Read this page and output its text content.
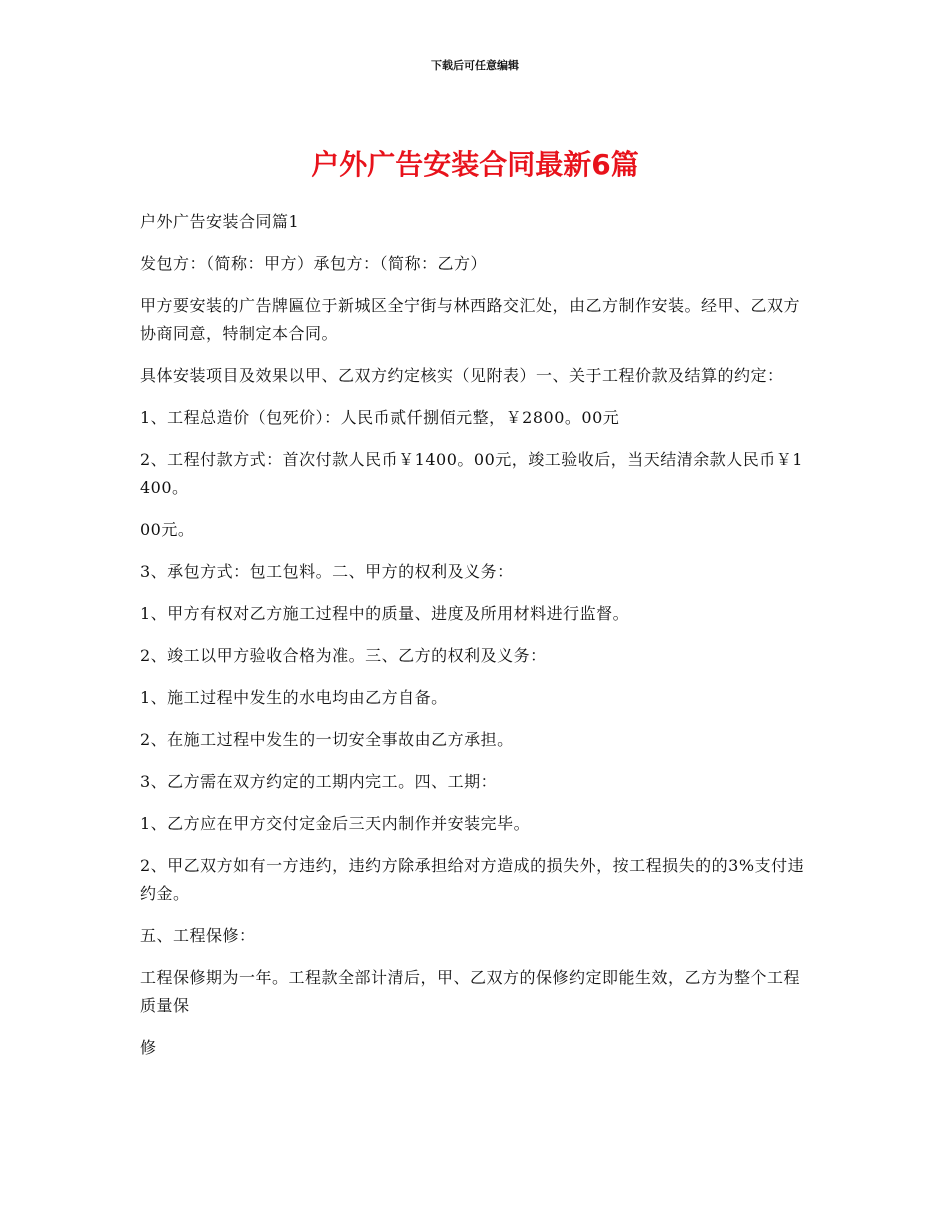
下载后可任意编辑
户外广告安装合同最新6篇

户外广告安装合同篇1

发包方：（简称：甲方）承包方：（简称：乙方）

甲方要安装的广告牌匾位于新城区全宁街与林西路交汇处，由乙方制作安装。经甲、乙双方协商同意，特制定本合同。

具体安装项目及效果以甲、乙双方约定核实（见附表）一、关于工程价款及结算的约定：

1、工程总造价（包死价）：人民币贰仟捌佰元整，￥2800。00元

2、工程付款方式：首次付款人民币￥1400。00元，竣工验收后，当天结清余款人民币￥1400。

00元。

3、承包方式：包工包料。二、甲方的权利及义务：

1、甲方有权对乙方施工过程中的质量、进度及所用材料进行监督。

2、竣工以甲方验收合格为准。三、乙方的权利及义务：

1、施工过程中发生的水电均由乙方自备。

2、在施工过程中发生的一切安全事故由乙方承担。

3、乙方需在双方约定的工期内完工。四、工期：

1、乙方应在甲方交付定金后三天内制作并安装完毕。

2、甲乙双方如有一方违约，违约方除承担给对方造成的损失外，按工程损失的的3%支付违约金。

五、工程保修：

工程保修期为一年。工程款全部计清后，甲、乙双方的保修约定即能生效，乙方为整个工程质量保

修
